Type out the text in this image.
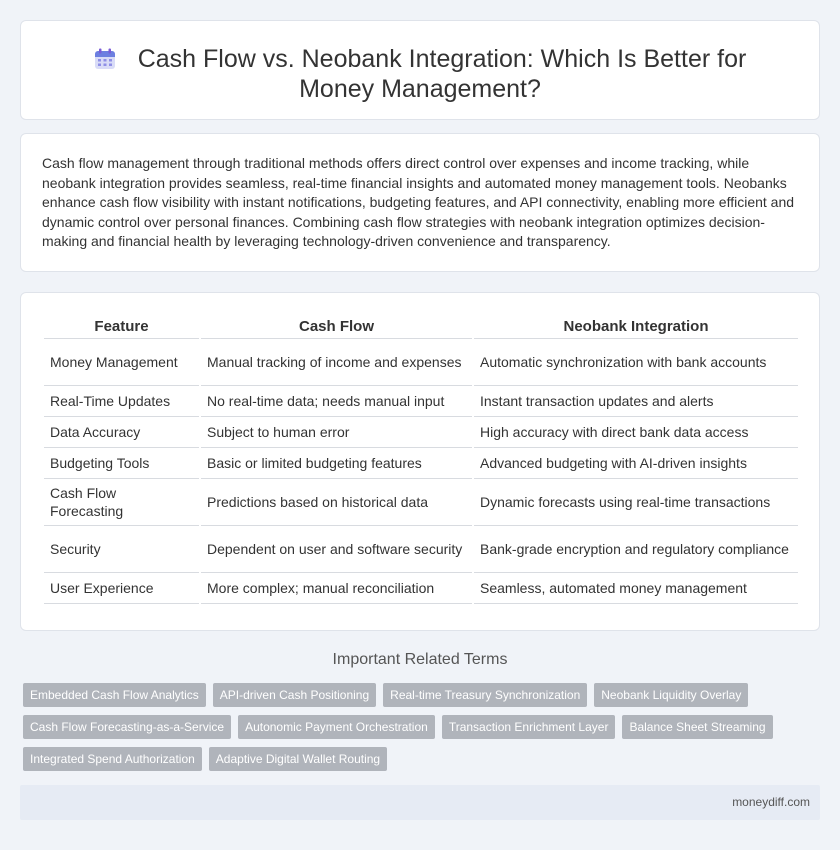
Cash Flow vs. Neobank Integration: Which Is Better for Money Management?

Cash flow management through traditional methods offers direct control over expenses and income tracking, while neobank integration provides seamless, real-time financial insights and automated money management tools. Neobanks enhance cash flow visibility with instant notifications, budgeting features, and API connectivity, enabling more efficient and dynamic control over personal finances. Combining cash flow strategies with neobank integration optimizes decision-making and financial health by leveraging technology-driven convenience and transparency.

Feature	Cash Flow	Neobank Integration
Money Management	Manual tracking of income and expenses	Automatic synchronization with bank accounts
Real-Time Updates	No real-time data; needs manual input	Instant transaction updates and alerts
Data Accuracy	Subject to human error	High accuracy with direct bank data access
Budgeting Tools	Basic or limited budgeting features	Advanced budgeting with AI-driven insights
Cash Flow Forecasting	Predictions based on historical data	Dynamic forecasts using real-time transactions
Security	Dependent on user and software security	Bank-grade encryption and regulatory compliance
User Experience	More complex; manual reconciliation	Seamless, automated money management
Important Related Terms
Embedded Cash Flow Analytics	API-driven Cash Positioning	Real-time Treasury Synchronization	Neobank Liquidity Overlay
Cash Flow Forecasting-as-a-Service	Autonomic Payment Orchestration	Transaction Enrichment Layer	Balance Sheet Streaming
Integrated Spend Authorization	Adaptive Digital Wallet Routing
moneydiff.com
